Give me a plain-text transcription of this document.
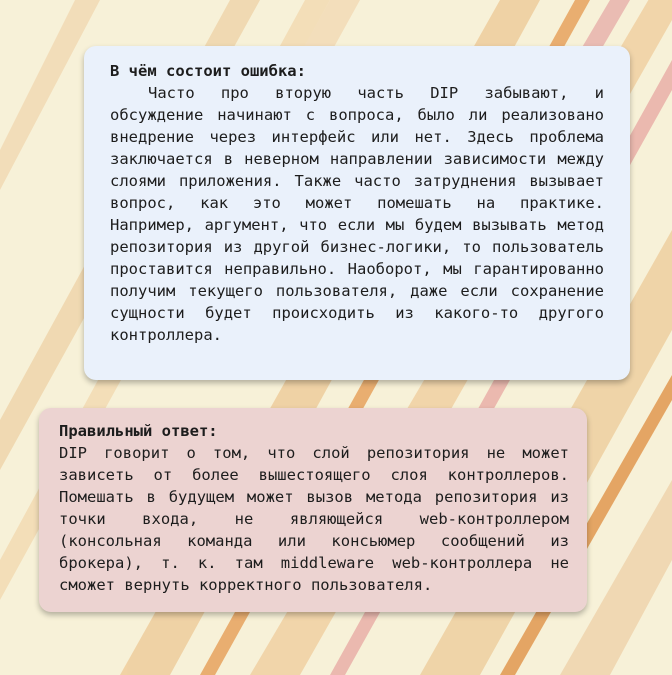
В чём состоит ошибка:

Часто про вторую часть DIP забывают, и обсуждение начинают с вопроса, было ли реализовано внедрение через интерфейс или нет. Здесь проблема заключается в неверном направлении зависимости между слоями приложения. Также часто затруднения вызывает вопрос, как это может помешать на практике. Например, аргумент, что если мы будем вызывать метод репозитория из другой бизнес-логики, то пользователь проставится неправильно. Наоборот, мы гарантированно получим текущего пользователя, даже если сохранение сущности будет происходить из какого-то другого контроллера.

Правильный ответ:

DIP говорит о том, что слой репозитория не может зависеть от более вышестоящего слоя контроллеров. Помешать в будущем может вызов метода репозитория из точки входа, не являющейся web-контроллером (консольная команда или консьюмер сообщений из брокера), т. к. там middleware web-контроллера не сможет вернуть корректного пользователя.
